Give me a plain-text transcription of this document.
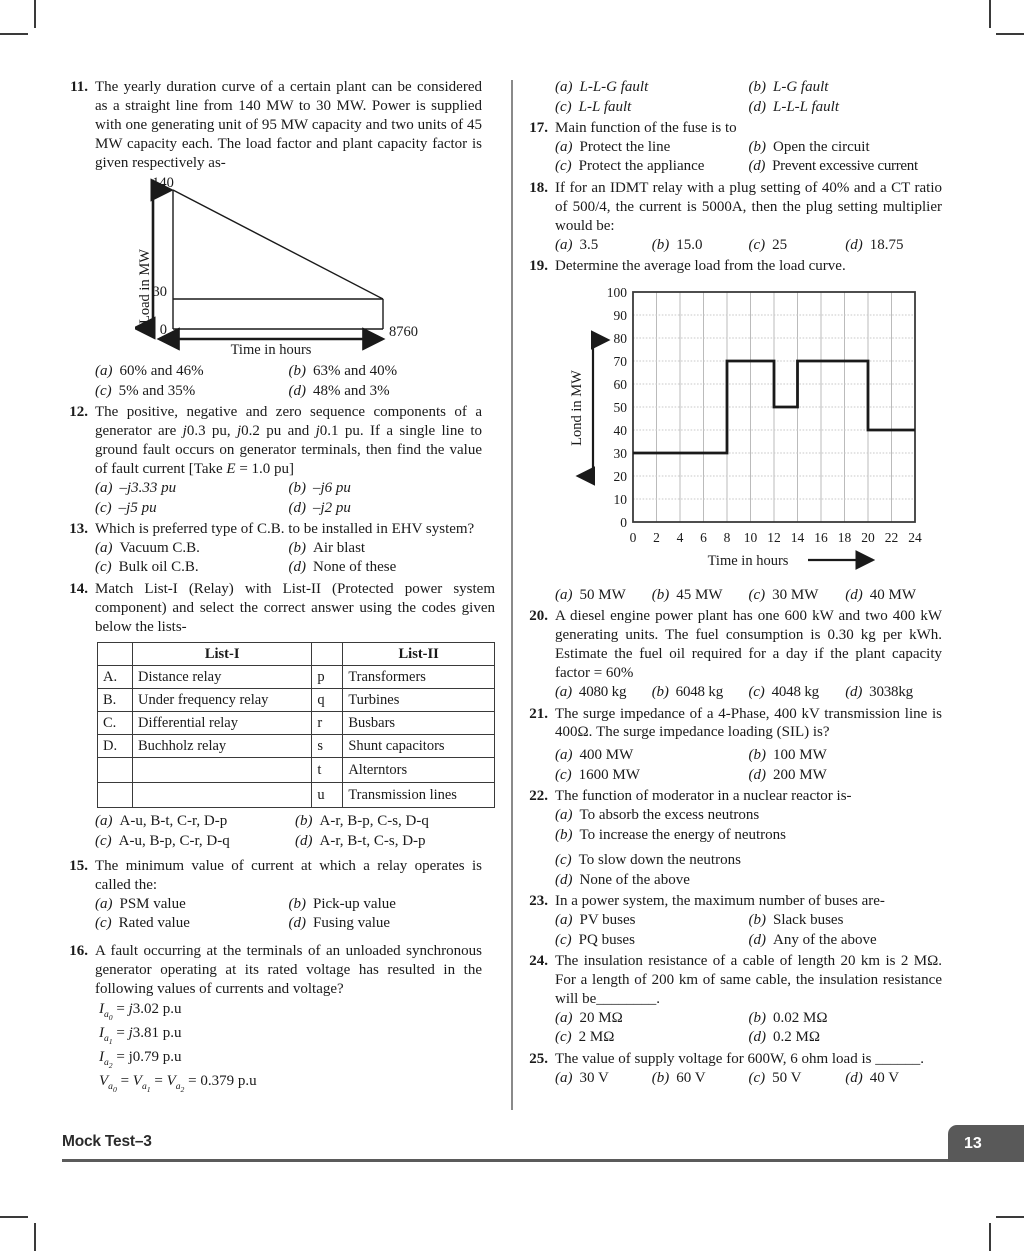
11. The yearly duration curve of a certain plant can be considered as a straight line from 140 MW to 30 MW. Power is supplied with one generating unit of 95 MW capacity and two units of 45 MW capacity each. The load factor and plant capacity factor is given respectively as-
Load in MW
140
30
0	8760
Time in hours
(a) 60% and 46%	(b) 63% and 40%
(c) 5% and 35%	(d) 48% and 3%
12. The positive, negative and zero sequence components of a generator are j0.3 pu, j0.2 pu and j0.1 pu. If a single line to ground fault occurs on generator terminals, then find the value of fault current [Take E = 1.0 pu]
(a) –j3.33 pu	(b) –j6 pu
(c) –j5 pu	(d) –j2 pu
13. Which is preferred type of C.B. to be installed in EHV system?
(a) Vacuum C.B.	(b) Air blast
(c) Bulk oil C.B.	(d) None of these
14. Match List-I (Relay) with List-II (Protected power system component) and select the correct answer using the codes given below the lists-
	List-I		List-II
A.	Distance relay	p	Transformers
B.	Under frequency relay	q	Turbines
C.	Differential relay	r	Busbars
D.	Buchholz relay	s	Shunt capacitors
		t	Alterntors
		u	Transmission lines
(a) A-u, B-t, C-r, D-p	(b) A-r, B-p, C-s, D-q
(c) A-u, B-p, C-r, D-q	(d) A-r, B-t, C-s, D-p
15. The minimum value of current at which a relay operates is called the:
(a) PSM value	(b) Pick-up value
(c) Rated value	(d) Fusing value
16. A fault occurring at the terminals of an unloaded synchronous generator operating at its rated voltage has resulted in the following values of currents and voltage?
$I_{a_0} = j3.02$ p.u
$I_{a_1} = j3.81$ p.u
$I_{a_2} = j0.79$ p.u
$V_{a_0} = V_{a_1} = V_{a_2} = 0.379$ p.u
(a) L-L-G fault	(b) L-G fault
(c) L-L fault	(d) L-L-L fault
17. Main function of the fuse is to
(a) Protect the line	(b) Open the circuit
(c) Protect the appliance	(d) Prevent excessive current
18. If for an IDMT relay with a plug setting of 40% and a CT ratio of 500/4, the current is 5000A, then the plug setting multiplier would be:
(a) 3.5	(b) 15.0	(c) 25	(d) 18.75
19. Determine the average load from the load curve.
100
90
80
70
60
50
40
30
20
10
0
0 2 4 6 8 10 12 14 16 18 20 22 24
Lond in MW
Time in hours
(a) 50 MW	(b) 45 MW	(c) 30 MW	(d) 40 MW
20. A diesel engine power plant has one 600 kW and two 400 kW generating units. The fuel consumption is 0.30 kg per kWh. Estimate the fuel oil required for a day if the plant capacity factor = 60%
(a) 4080 kg	(b) 6048 kg	(c) 4048 kg	(d) 3038kg
21. The surge impedance of a 4-Phase, 400 kV transmission line is 400Ω. The surge impedance loading (SIL) is?
(a) 400 MW	(b) 100 MW
(c) 1600 MW	(d) 200 MW
22. The function of moderator in a nuclear reactor is-
(a) To absorb the excess neutrons
(b) To increase the energy of neutrons
(c) To slow down the neutrons
(d) None of the above
23. In a power system, the maximum number of buses are-
(a) PV buses	(b) Slack buses
(c) PQ buses	(d) Any of the above
24. The insulation resistance of a cable of length 20 km is 2 MΩ. For a length of 200 km of same cable, the insulation resistance will be________.
(a) 20 MΩ	(b) 0.02 MΩ
(c) 2 MΩ	(d) 0.2 MΩ
25. The value of supply voltage for 600W, 6 ohm load is ______.
(a) 30 V	(b) 60 V	(c) 50 V	(d) 40 V
Mock Test–3	13
